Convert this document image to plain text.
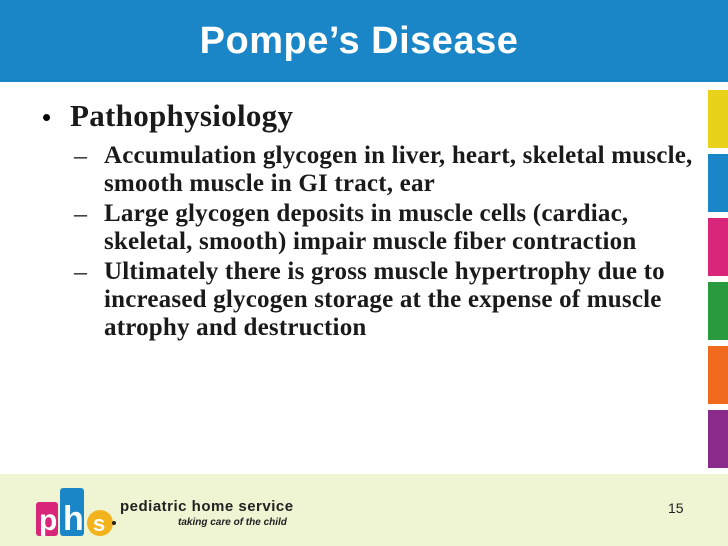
Pompe’s Disease
• Pathophysiology
– Accumulation glycogen in liver, heart, skeletal muscle, smooth muscle in GI tract, ear
– Large glycogen deposits in muscle cells (cardiac, skeletal, smooth) impair muscle fiber contraction
– Ultimately there is gross muscle hypertrophy due to increased glycogen storage at the expense of muscle atrophy and destruction
p h s
pediatric home service
taking care of the child
15
